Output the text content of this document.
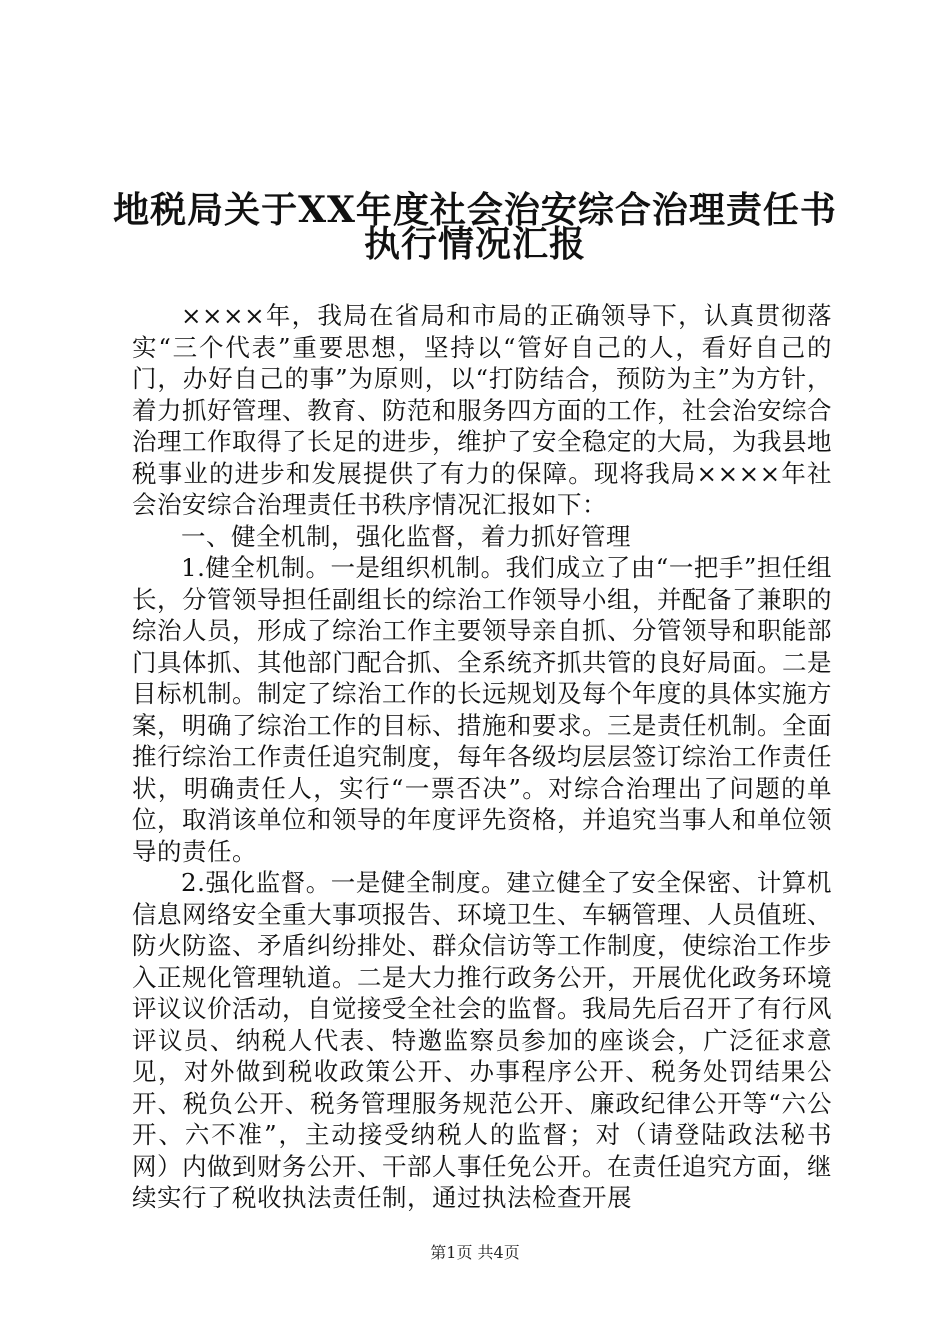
地税局关于XX年度社会治安综合治理责任书
执行情况汇报

××××年，我局在省局和市局的正确领导下，认真贯彻落实“三个代表”重要思想，坚持以“管好自己的人，看好自己的门，办好自己的事”为原则，以“打防结合，预防为主”为方针，着力抓好管理、教育、防范和服务四方面的工作，社会治安综合治理工作取得了长足的进步，维护了安全稳定的大局，为我县地税事业的进步和发展提供了有力的保障。现将我局××××年社会治安综合治理责任书秩序情况汇报如下：

一、健全机制，强化监督，着力抓好管理

1.健全机制。一是组织机制。我们成立了由“一把手”担任组长，分管领导担任副组长的综治工作领导小组，并配备了兼职的综治人员，形成了综治工作主要领导亲自抓、分管领导和职能部门具体抓、其他部门配合抓、全系统齐抓共管的良好局面。二是目标机制。制定了综治工作的长远规划及每个年度的具体实施方案，明确了综治工作的目标、措施和要求。三是责任机制。全面推行综治工作责任追究制度，每年各级均层层签订综治工作责任状，明确责任人，实行“一票否决”。对综合治理出了问题的单位，取消该单位和领导的年度评先资格，并追究当事人和单位领导的责任。

2.强化监督。一是健全制度。建立健全了安全保密、计算机信息网络安全重大事项报告、环境卫生、车辆管理、人员值班、防火防盗、矛盾纠纷排处、群众信访等工作制度，使综治工作步入正规化管理轨道。二是大力推行政务公开，开展优化政务环境评议议价活动，自觉接受全社会的监督。我局先后召开了有行风评议员、纳税人代表、特邀监察员参加的座谈会，广泛征求意见，对外做到税收政策公开、办事程序公开、税务处罚结果公开、税负公开、税务管理服务规范公开、廉政纪律公开等“六公开、六不准”，主动接受纳税人的监督；对（请登陆政法秘书网）内做到财务公开、干部人事任免公开。在责任追究方面，继续实行了税收执法责任制，通过执法检查开展

第1页 共4页
